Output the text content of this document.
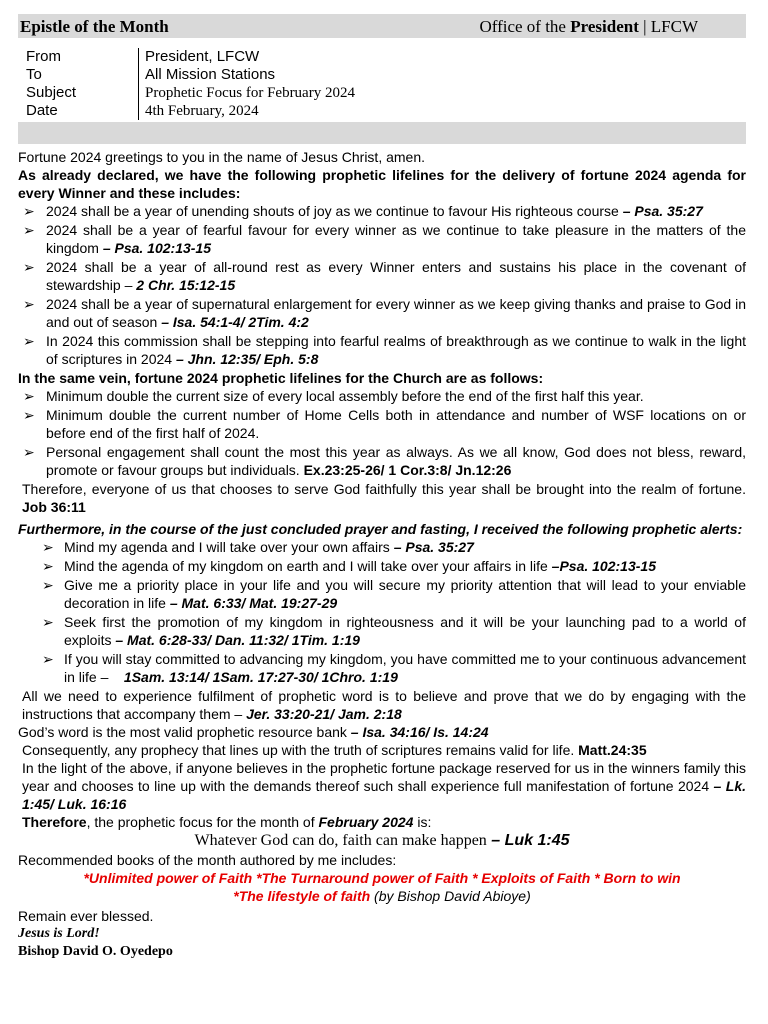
Epistle of the Month	Office of the President | LFCW
From	President, LFCW
To	All Mission Stations
Subject	Prophetic Focus for February 2024
Date	4th February, 2024

Fortune 2024 greetings to you in the name of Jesus Christ, amen.

As already declared, we have the following prophetic lifelines for the delivery of fortune 2024 agenda for every Winner and these includes:

➢ 2024 shall be a year of unending shouts of joy as we continue to favour His righteous course – Psa. 35:27
➢ 2024 shall be a year of fearful favour for every winner as we continue to take pleasure in the matters of the kingdom – Psa. 102:13-15
➢ 2024 shall be a year of all-round rest as every Winner enters and sustains his place in the covenant of stewardship – 2 Chr. 15:12-15
➢ 2024 shall be a year of supernatural enlargement for every winner as we keep giving thanks and praise to God in and out of season – Isa. 54:1-4/ 2Tim. 4:2
➢ In 2024 this commission shall be stepping into fearful realms of breakthrough as we continue to walk in the light of scriptures in 2024 – Jhn. 12:35/ Eph. 5:8

In the same vein, fortune 2024 prophetic lifelines for the Church are as follows:

➢ Minimum double the current size of every local assembly before the end of the first half this year.
➢ Minimum double the current number of Home Cells both in attendance and number of WSF locations on or before end of the first half of 2024.
➢ Personal engagement shall count the most this year as always. As we all know, God does not bless, reward, promote or favour groups but individuals. Ex.23:25-26/ 1 Cor.3:8/ Jn.12:26

Therefore, everyone of us that chooses to serve God faithfully this year shall be brought into the realm of fortune. Job 36:11

Furthermore, in the course of the just concluded prayer and fasting, I received the following prophetic alerts:

➢ Mind my agenda and I will take over your own affairs – Psa. 35:27
➢ Mind the agenda of my kingdom on earth and I will take over your affairs in life –Psa. 102:13-15
➢ Give me a priority place in your life and you will secure my priority attention that will lead to your enviable decoration in life – Mat. 6:33/ Mat. 19:27-29
➢ Seek first the promotion of my kingdom in righteousness and it will be your launching pad to a world of exploits – Mat. 6:28-33/ Dan. 11:32/ 1Tim. 1:19
➢ If you will stay committed to advancing my kingdom, you have committed me to your continuous advancement in life –    1Sam. 13:14/ 1Sam. 17:27-30/ 1Chro. 1:19

All we need to experience fulfilment of prophetic word is to believe and prove that we do by engaging with the instructions that accompany them – Jer. 33:20-21/ Jam. 2:18

God’s word is the most valid prophetic resource bank – Isa. 34:16/ Is. 14:24

Consequently, any prophecy that lines up with the truth of scriptures remains valid for life. Matt.24:35

In the light of the above, if anyone believes in the prophetic fortune package reserved for us in the winners family this year and chooses to line up with the demands thereof such shall experience full manifestation of fortune 2024 – Lk. 1:45/ Luk. 16:16

Therefore, the prophetic focus for the month of February 2024 is:

Whatever God can do, faith can make happen – Luk 1:45

Recommended books of the month authored by me includes:

*Unlimited power of Faith *The Turnaround power of Faith * Exploits of Faith * Born to win

*The lifestyle of faith (by Bishop David Abioye)

Remain ever blessed.

Jesus is Lord!

Bishop David O. Oyedepo
